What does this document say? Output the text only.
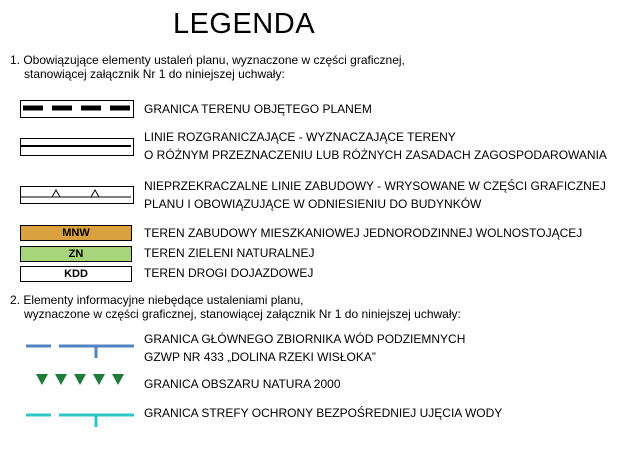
LEGENDA
1. Obowiązujące elementy ustaleń planu, wyznaczone w części graficznej,
stanowiącej załącznik Nr 1 do niniejszej uchwały:
GRANICA TERENU OBJĘTEGO PLANEM
LINIE ROZGRANICZAJĄCE - WYZNACZAJĄCE TERENY
O RÓŻNYM PRZEZNACZENIU LUB RÓŻNYCH ZASADACH ZAGOSPODAROWANIA
NIEPRZEKRACZALNE LINIE ZABUDOWY - WRYSOWANE W CZĘŚCI GRAFICZNEJ
PLANU I OBOWIĄZUJĄCE W ODNIESIENIU DO BUDYNKÓW
MNW	TEREN ZABUDOWY MIESZKANIOWEJ JEDNORODZINNEJ WOLNOSTOJĄCEJ
ZN	TEREN ZIELENI NATURALNEJ
KDD	TEREN DROGI DOJAZDOWEJ
2. Elementy informacyjne niebędące ustaleniami planu,
wyznaczone w części graficznej, stanowiącej załącznik Nr 1 do niniejszej uchwały:
GRANICA GŁÓWNEGO ZBIORNIKA WÓD PODZIEMNYCH
GZWP NR 433 „DOLINA RZEKI WISŁOKA”
GRANICA OBSZARU NATURA 2000
GRANICA STREFY OCHRONY BEZPOŚREDNIEJ UJĘCIA WODY
